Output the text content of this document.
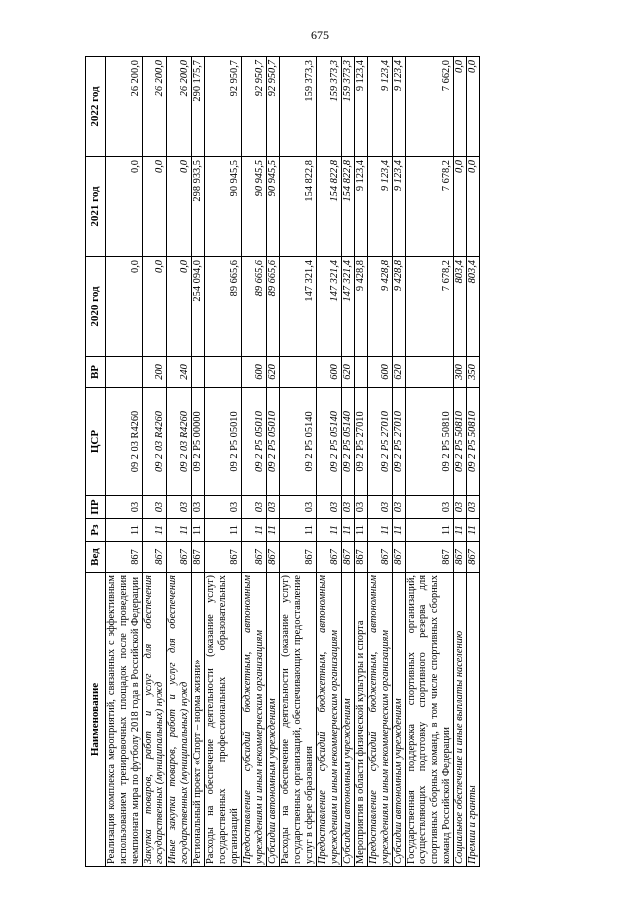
675
Наименование	Вед	Рз	ПР	ЦСР	ВР	2020 год	2021 год	2022 год
Реализация комплекса мероприятий, связанных с эффективным использованием тренировочных площадок после проведения чемпионата мира по футболу 2018 года в Российской Федерации	867	11	03	09 2 03 R4260		0,0	0,0	26 200,0
Закупка товаров, работ и услуг для обеспечения государственных (муниципальных) нужд	867	11	03	09 2 03 R4260	200	0,0	0,0	26 200,0
Иные закупки товаров, работ и услуг для обеспечения государственных (муниципальных) нужд	867	11	03	09 2 03 R4260	240	0,0	0,0	26 200,0
Региональный проект «Спорт – норма жизни»	867	11	03	09 2 P5 00000		254 094,0	298 933,5	290 175,7
Расходы на обеспечение деятельности (оказание услуг) государственных профессиональных образовательных организаций	867	11	03	09 2 P5 05010		89 665,6	90 945,5	92 950,7
Предоставление субсидий бюджетным, автономным учреждениям и иным некоммерческим организациям	867	11	03	09 2 P5 05010	600	89 665,6	90 945,5	92 950,7
Субсидии автономным учреждениям	867	11	03	09 2 P5 05010	620	89 665,6	90 945,5	92 950,7
Расходы на обеспечение деятельности (оказание услуг) государственных организаций, обеспечивающих предоставление услуг в сфере образования	867	11	03	09 2 P5 05140		147 321,4	154 822,8	159 373,3
Предоставление субсидий бюджетным, автономным учреждениям и иным некоммерческим организациям	867	11	03	09 2 P5 05140	600	147 321,4	154 822,8	159 373,3
Субсидии автономным учреждениям	867	11	03	09 2 P5 05140	620	147 321,4	154 822,8	159 373,3
Мероприятия в области физической культуры и спорта	867	11	03	09 2 P5 27010		9 428,8	9 123,4	9 123,4
Предоставление субсидий бюджетным, автономным учреждениям и иным некоммерческим организациям	867	11	03	09 2 P5 27010	600	9 428,8	9 123,4	9 123,4
Субсидии автономным учреждениям	867	11	03	09 2 P5 27010	620	9 428,8	9 123,4	9 123,4
Государственная поддержка спортивных организаций, осуществляющих подготовку спортивного резерва для спортивных сборных команд, в том числе спортивных сборных команд Российской Федерации	867	11	03	09 2 P5 50810		7 678,2	7 678,2	7 662,0
Социальное обеспечение и иные выплаты населению	867	11	03	09 2 P5 50810	300	803,4	0,0	0,0
Премии и гранты	867	11	03	09 2 P5 50810	350	803,4	0,0	0,0
